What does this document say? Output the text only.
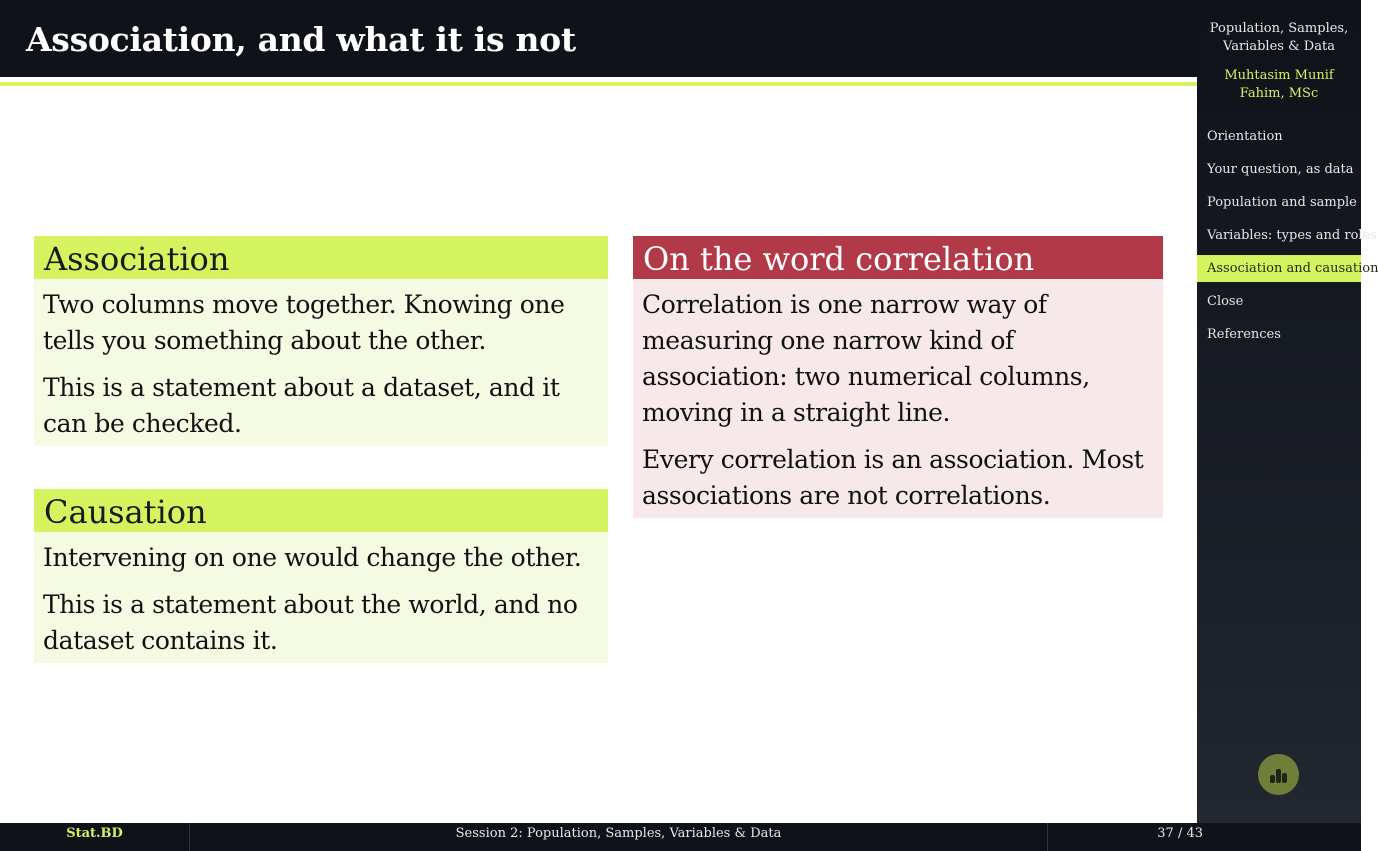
Association, and what it is not
Association

Two columns move together. Knowing one tells you something about the other.

This is a statement about a dataset, and it can be checked.

Causation

Intervening on one would change the other.

This is a statement about the world, and no dataset contains it.

On the word correlation

Correlation is one narrow way of measuring one narrow kind of association: two numerical columns, moving in a straight line.

Every correlation is an association. Most associations are not correlations.

Population, Samples, Variables & Data
Muhtasim Munif Fahim, MSc
Orientation
Your question, as data
Population and sample
Variables: types and roles
Association and causation
Close
References
Stat.BD	Session 2: Population, Samples, Variables & Data	37 / 43
